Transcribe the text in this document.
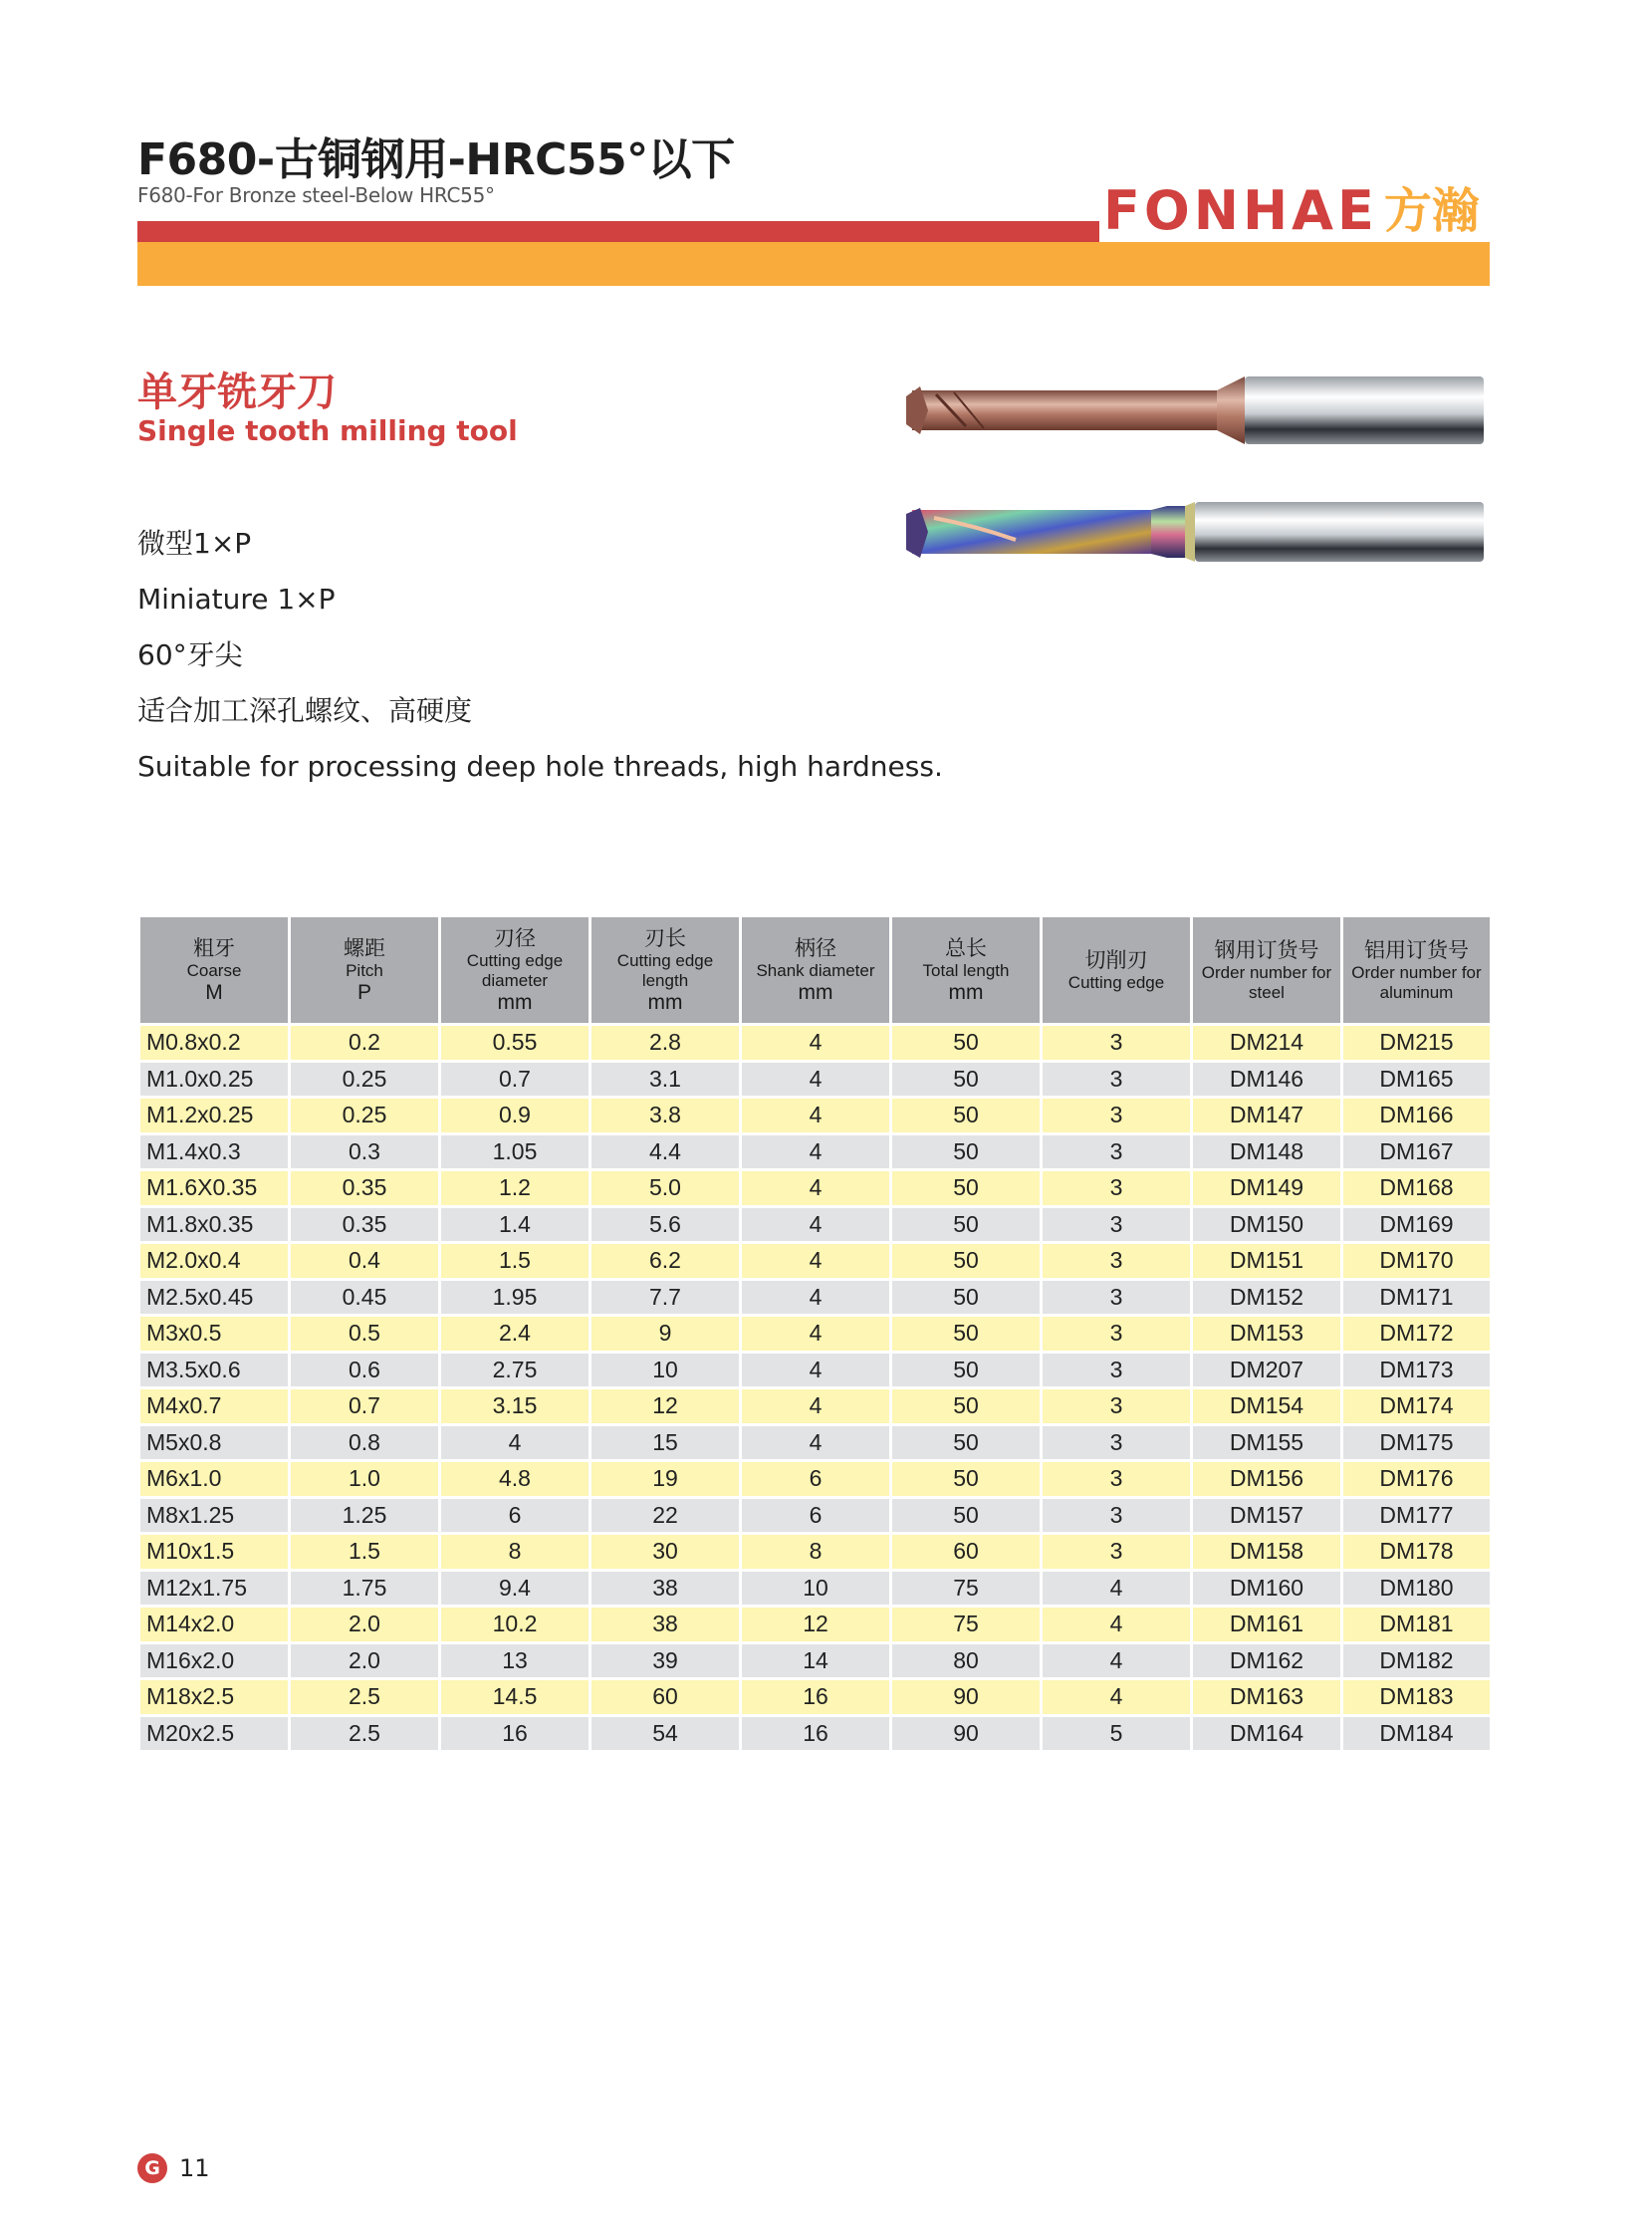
F680-古铜钢用-HRC55°以下
F680-For Bronze steel-Below HRC55°	FONHAE 方瀚
单牙铣牙刀
Single tooth milling tool
微型1×P
Miniature 1×P
60°牙尖
适合加工深孔螺纹、高硬度
Suitable for processing deep hole threads, high hardness.
粗牙
Coarse
M	螺距
Pitch
P	刃径
Cutting edge diameter
mm	刃长
Cutting edge length
mm	柄径
Shank diameter
mm	总长
Total length
mm	切削刃
Cutting edge	钢用订货号
Order number for steel	铝用订货号
Order number for aluminum

M0.8x0.2	0.2	0.55	2.8	4	50	3	DM214	DM215
M1.0x0.25	0.25	0.7	3.1	4	50	3	DM146	DM165
M1.2x0.25	0.25	0.9	3.8	4	50	3	DM147	DM166
M1.4x0.3	0.3	1.05	4.4	4	50	3	DM148	DM167
M1.6X0.35	0.35	1.2	5.0	4	50	3	DM149	DM168
M1.8x0.35	0.35	1.4	5.6	4	50	3	DM150	DM169
M2.0x0.4	0.4	1.5	6.2	4	50	3	DM151	DM170
M2.5x0.45	0.45	1.95	7.7	4	50	3	DM152	DM171
M3x0.5	0.5	2.4	9	4	50	3	DM153	DM172
M3.5x0.6	0.6	2.75	10	4	50	3	DM207	DM173
M4x0.7	0.7	3.15	12	4	50	3	DM154	DM174
M5x0.8	0.8	4	15	4	50	3	DM155	DM175
M6x1.0	1.0	4.8	19	6	50	3	DM156	DM176
M8x1.25	1.25	6	22	6	50	3	DM157	DM177
M10x1.5	1.5	8	30	8	60	3	DM158	DM178
M12x1.75	1.75	9.4	38	10	75	4	DM160	DM180
M14x2.0	2.0	10.2	38	12	75	4	DM161	DM181
M16x2.0	2.0	13	39	14	80	4	DM162	DM182
M18x2.5	2.5	14.5	60	16	90	4	DM163	DM183
M20x2.5	2.5	16	54	16	90	5	DM164	DM184
G 11
